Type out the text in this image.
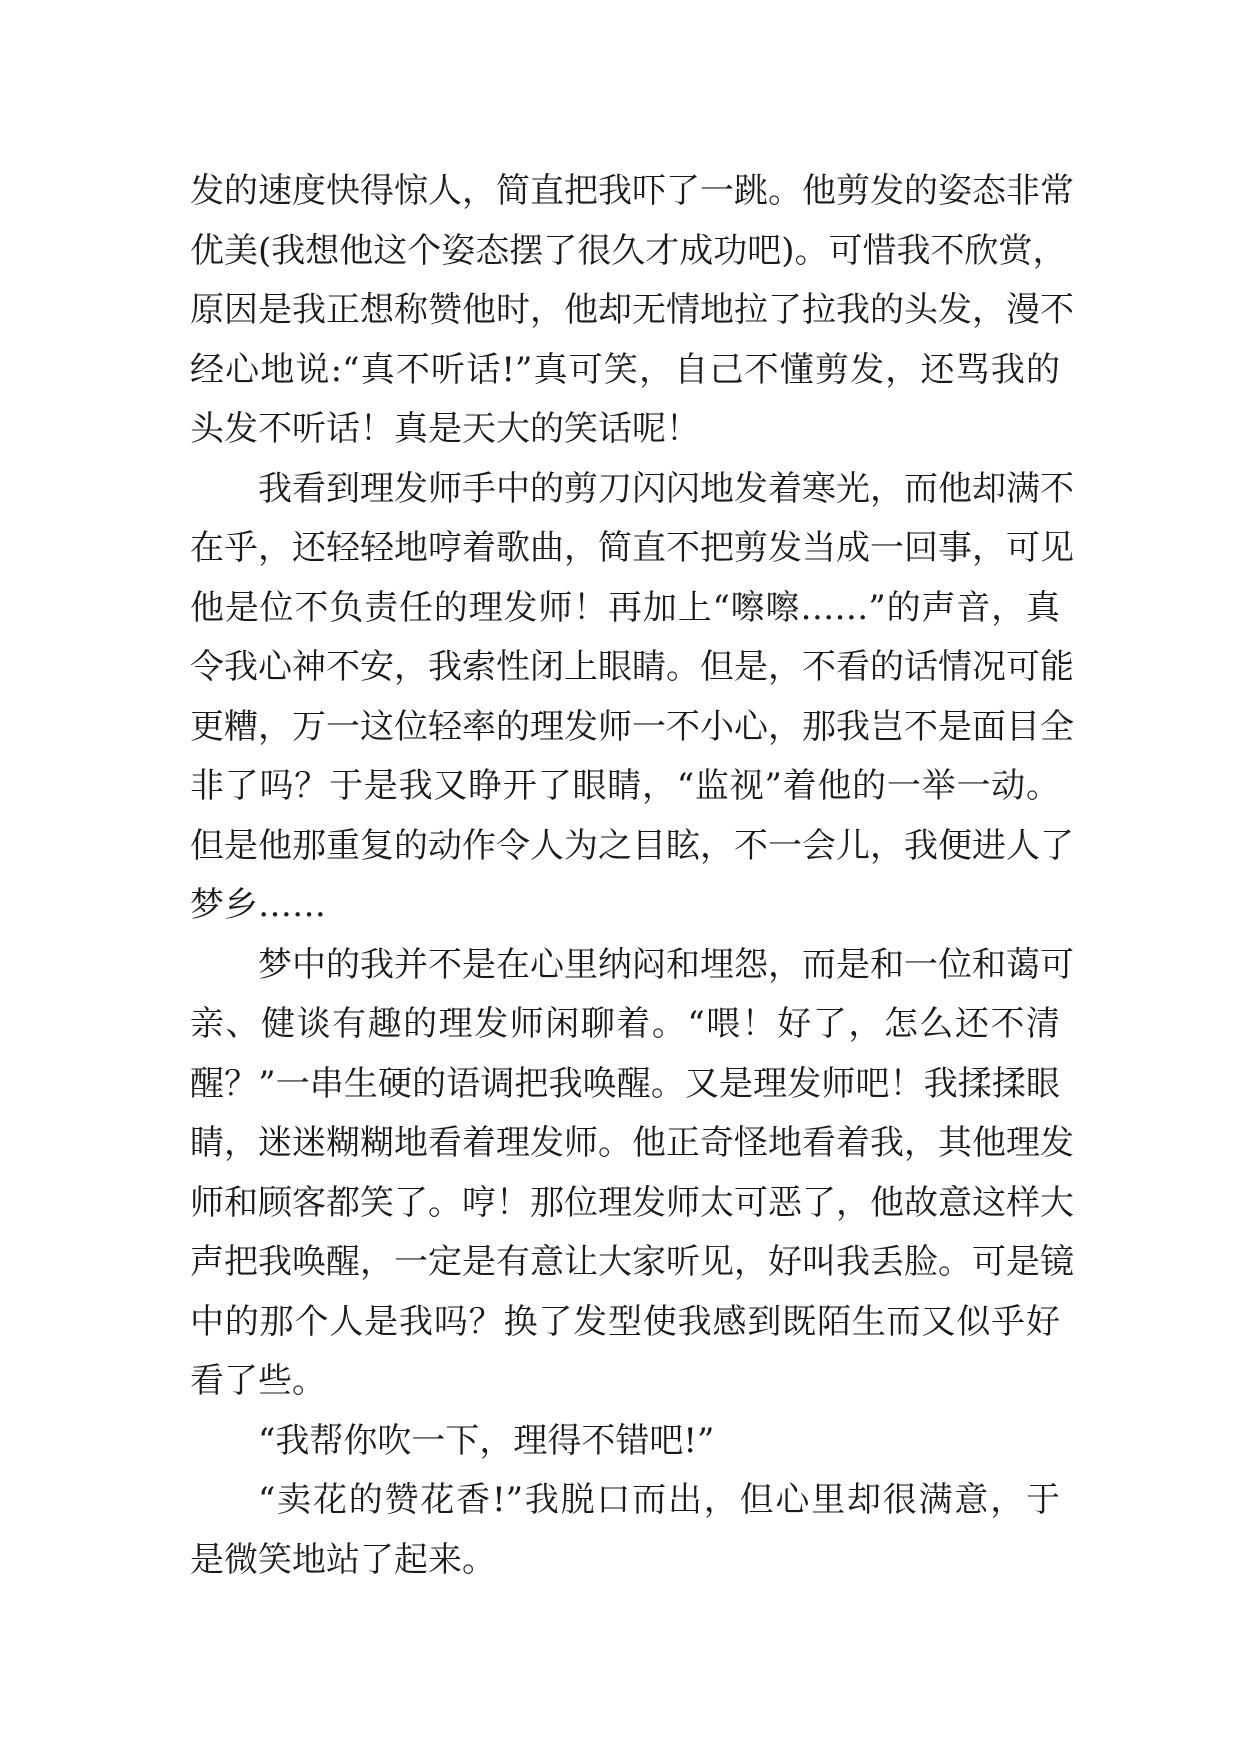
发的速度快得惊人，简直把我吓了一跳。他剪发的姿态非常
优美(我想他这个姿态摆了很久才成功吧)。可惜我不欣赏，
原因是我正想称赞他时，他却无情地拉了拉我的头发，漫不
经心地说:“真不听话!”真可笑，自己不懂剪发，还骂我的
头发不听话！真是天大的笑话呢！
我看到理发师手中的剪刀闪闪地发着寒光，而他却满不
在乎，还轻轻地哼着歌曲，简直不把剪发当成一回事，可见
他是位不负责任的理发师！再加上“嚓嚓……”的声音，真
令我心神不安，我索性闭上眼睛。但是，不看的话情况可能
更糟，万一这位轻率的理发师一不小心，那我岂不是面目全
非了吗？于是我又睁开了眼睛，“监视”着他的一举一动。
但是他那重复的动作令人为之目眩，不一会儿，我便进人了
梦乡……
梦中的我并不是在心里纳闷和埋怨，而是和一位和蔼可
亲、健谈有趣的理发师闲聊着。“喂！好了，怎么还不清
醒？”一串生硬的语调把我唤醒。又是理发师吧！我揉揉眼
睛，迷迷糊糊地看着理发师。他正奇怪地看着我，其他理发
师和顾客都笑了。哼！那位理发师太可恶了，他故意这样大
声把我唤醒，一定是有意让大家听见，好叫我丢脸。可是镜
中的那个人是我吗？换了发型使我感到既陌生而又似乎好
看了些。
“我帮你吹一下，理得不错吧!”
“卖花的赞花香!”我脱口而出，但心里却很满意，于
是微笑地站了起来。
